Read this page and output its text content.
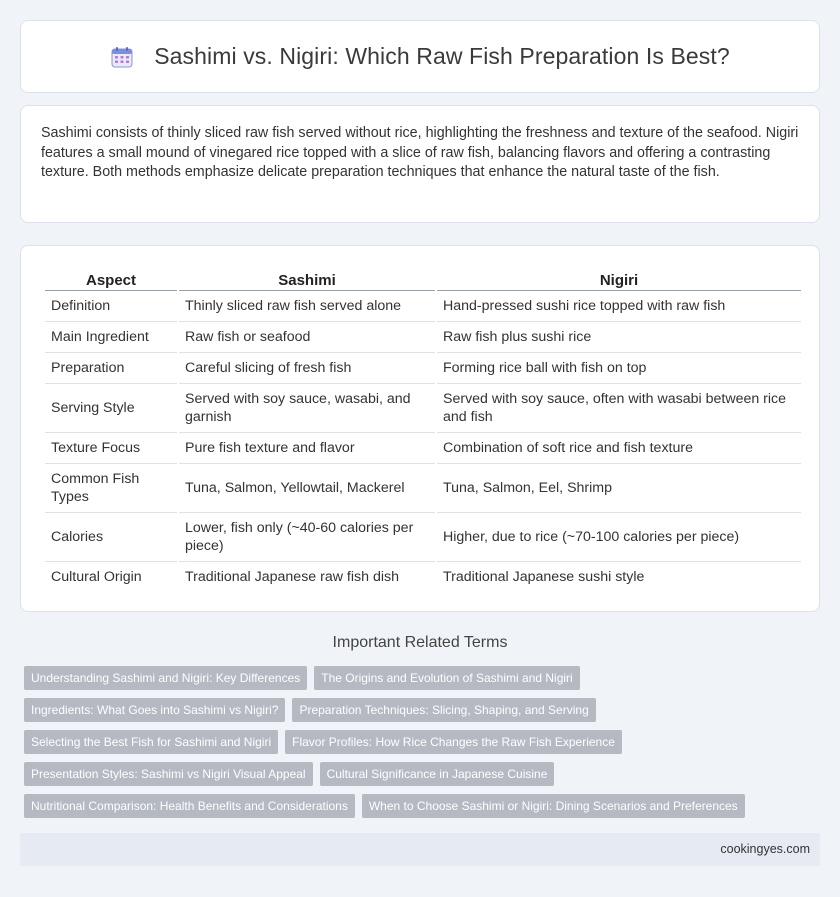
Sashimi vs. Nigiri: Which Raw Fish Preparation Is Best?

Sashimi consists of thinly sliced raw fish served without rice, highlighting the freshness and texture of the seafood. Nigiri features a small mound of vinegared rice topped with a slice of raw fish, balancing flavors and offering a contrasting texture. Both methods emphasize delicate preparation techniques that enhance the natural taste of the fish.

Aspect	Sashimi	Nigiri
Definition	Thinly sliced raw fish served alone	Hand-pressed sushi rice topped with raw fish
Main Ingredient	Raw fish or seafood	Raw fish plus sushi rice
Preparation	Careful slicing of fresh fish	Forming rice ball with fish on top
Serving Style	Served with soy sauce, wasabi, and garnish	Served with soy sauce, often with wasabi between rice and fish
Texture Focus	Pure fish texture and flavor	Combination of soft rice and fish texture
Common Fish Types	Tuna, Salmon, Yellowtail, Mackerel	Tuna, Salmon, Eel, Shrimp
Calories	Lower, fish only (~40-60 calories per piece)	Higher, due to rice (~70-100 calories per piece)
Cultural Origin	Traditional Japanese raw fish dish	Traditional Japanese sushi style
Important Related Terms
Understanding Sashimi and Nigiri: Key Differences	The Origins and Evolution of Sashimi and Nigiri
Ingredients: What Goes into Sashimi vs Nigiri?	Preparation Techniques: Slicing, Shaping, and Serving
Selecting the Best Fish for Sashimi and Nigiri	Flavor Profiles: How Rice Changes the Raw Fish Experience
Presentation Styles: Sashimi vs Nigiri Visual Appeal	Cultural Significance in Japanese Cuisine
Nutritional Comparison: Health Benefits and Considerations	When to Choose Sashimi or Nigiri: Dining Scenarios and Preferences
cookingyes.com
